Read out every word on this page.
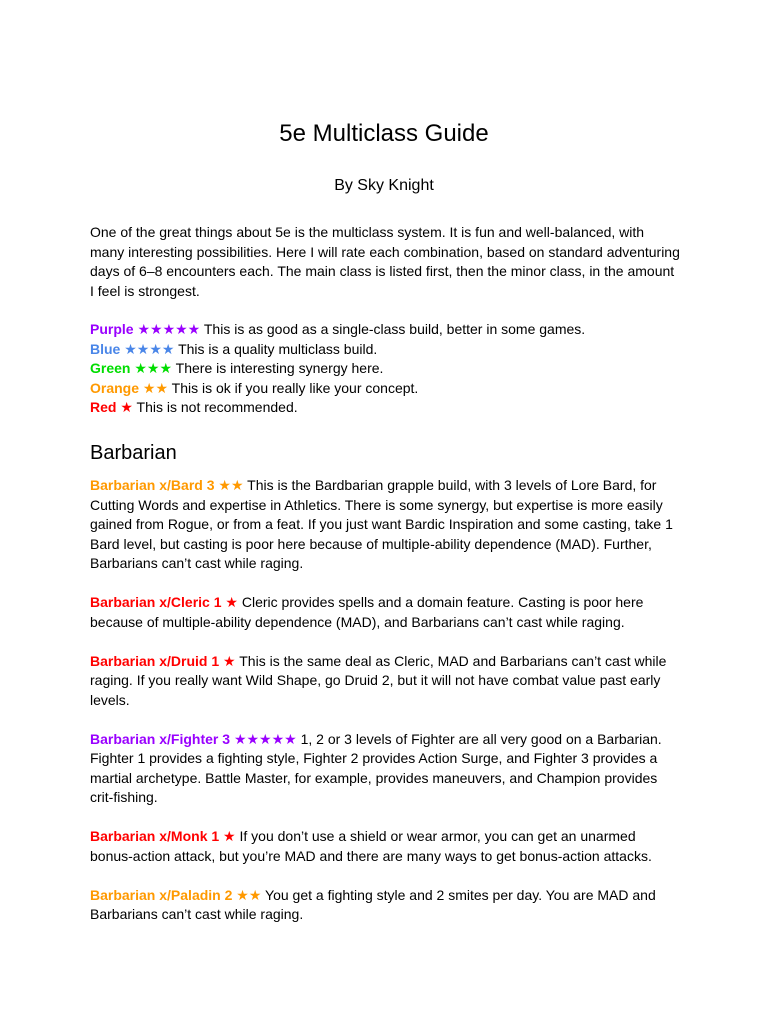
5e Multiclass Guide

By Sky Knight

One of the great things about 5e is the multiclass system. It is fun and well-balanced, with many interesting possibilities. Here I will rate each combination, based on standard adventuring days of 6–8 encounters each. The main class is listed first, then the minor class, in the amount I feel is strongest.

Purple ★★★★★ This is as good as a single-class build, better in some games.
Blue ★★★★ This is a quality multiclass build.
Green ★★★ There is interesting synergy here.
Orange ★★ This is ok if you really like your concept.
Red ★ This is not recommended.
Barbarian

Barbarian x/Bard 3 ★★ This is the Bardbarian grapple build, with 3 levels of Lore Bard, for Cutting Words and expertise in Athletics. There is some synergy, but expertise is more easily gained from Rogue, or from a feat. If you just want Bardic Inspiration and some casting, take 1 Bard level, but casting is poor here because of multiple-ability dependence (MAD). Further, Barbarians can’t cast while raging.

Barbarian x/Cleric 1 ★ Cleric provides spells and a domain feature. Casting is poor here because of multiple-ability dependence (MAD), and Barbarians can’t cast while raging.

Barbarian x/Druid 1 ★ This is the same deal as Cleric, MAD and Barbarians can’t cast while raging. If you really want Wild Shape, go Druid 2, but it will not have combat value past early levels.

Barbarian x/Fighter 3 ★★★★★ 1, 2 or 3 levels of Fighter are all very good on a Barbarian. Fighter 1 provides a fighting style, Fighter 2 provides Action Surge, and Fighter 3 provides a martial archetype. Battle Master, for example, provides maneuvers, and Champion provides crit-fishing.

Barbarian x/Monk 1 ★ If you don’t use a shield or wear armor, you can get an unarmed bonus-action attack, but you’re MAD and there are many ways to get bonus-action attacks.

Barbarian x/Paladin 2 ★★ You get a fighting style and 2 smites per day. You are MAD and Barbarians can’t cast while raging.
